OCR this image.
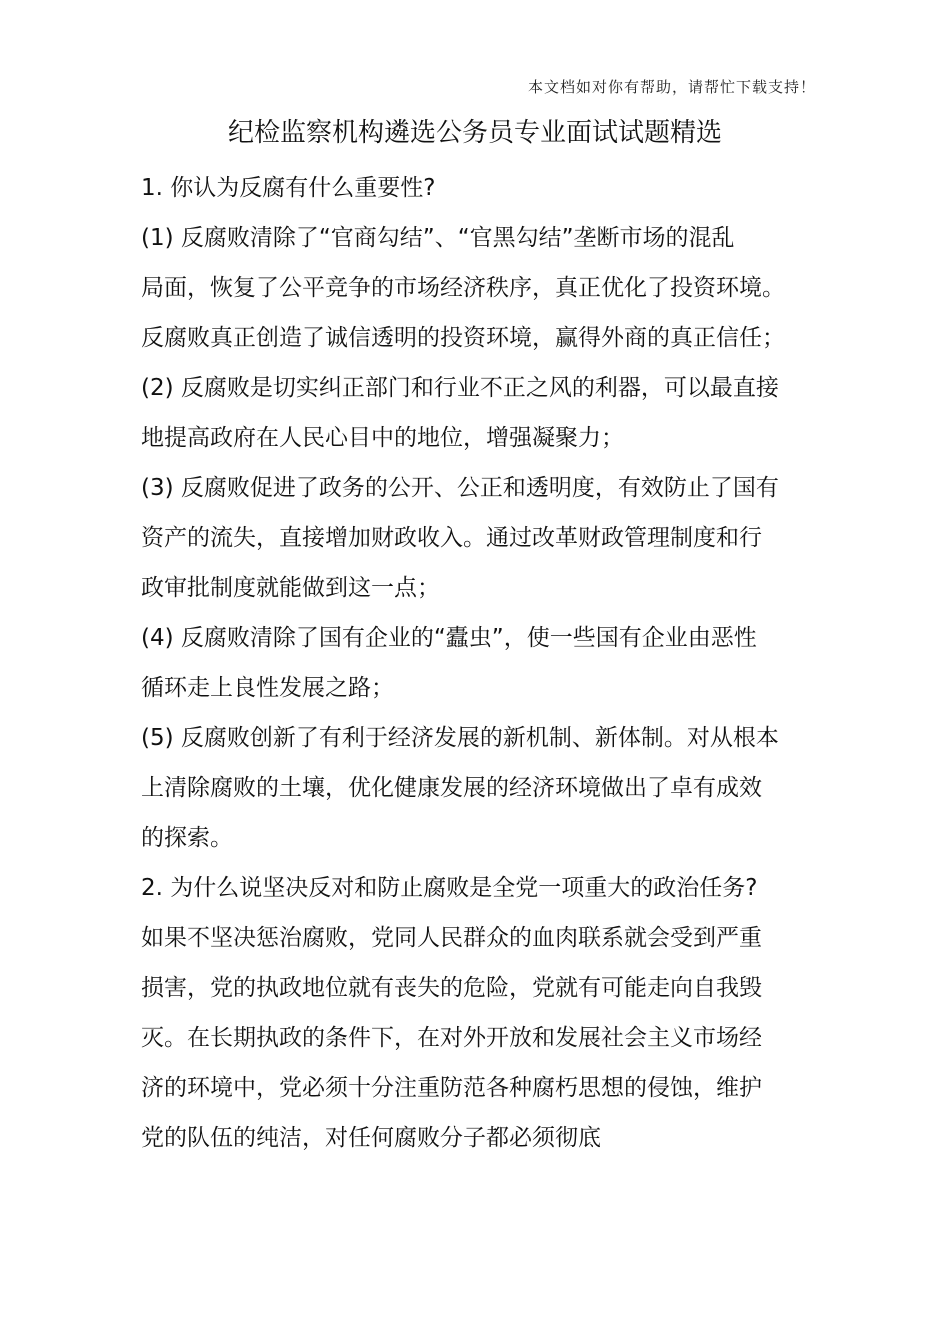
本文档如对你有帮助，请帮忙下载支持！
纪检监察机构遴选公务员专业面试试题精选
1. 你认为反腐有什么重要性?
(1) 反腐败清除了“官商勾结”、“官黑勾结”垄断市场的混乱
局面，恢复了公平竞争的市场经济秩序，真正优化了投资环境。
反腐败真正创造了诚信透明的投资环境，赢得外商的真正信任；
(2) 反腐败是切实纠正部门和行业不正之风的利器，可以最直接
地提高政府在人民心目中的地位，增强凝聚力；
(3) 反腐败促进了政务的公开、公正和透明度，有效防止了国有
资产的流失，直接增加财政收入。通过改革财政管理制度和行
政审批制度就能做到这一点；
(4) 反腐败清除了国有企业的“蠹虫”，使一些国有企业由恶性
循环走上良性发展之路；
(5) 反腐败创新了有利于经济发展的新机制、新体制。对从根本
上清除腐败的土壤，优化健康发展的经济环境做出了卓有成效
的探索。
2. 为什么说坚决反对和防止腐败是全党一项重大的政治任务?
如果不坚决惩治腐败，党同人民群众的血肉联系就会受到严重
损害，党的执政地位就有丧失的危险，党就有可能走向自我毁
灭。在长期执政的条件下，在对外开放和发展社会主义市场经
济的环境中，党必须十分注重防范各种腐朽思想的侵蚀，维护
党的队伍的纯洁，对任何腐败分子都必须彻底
